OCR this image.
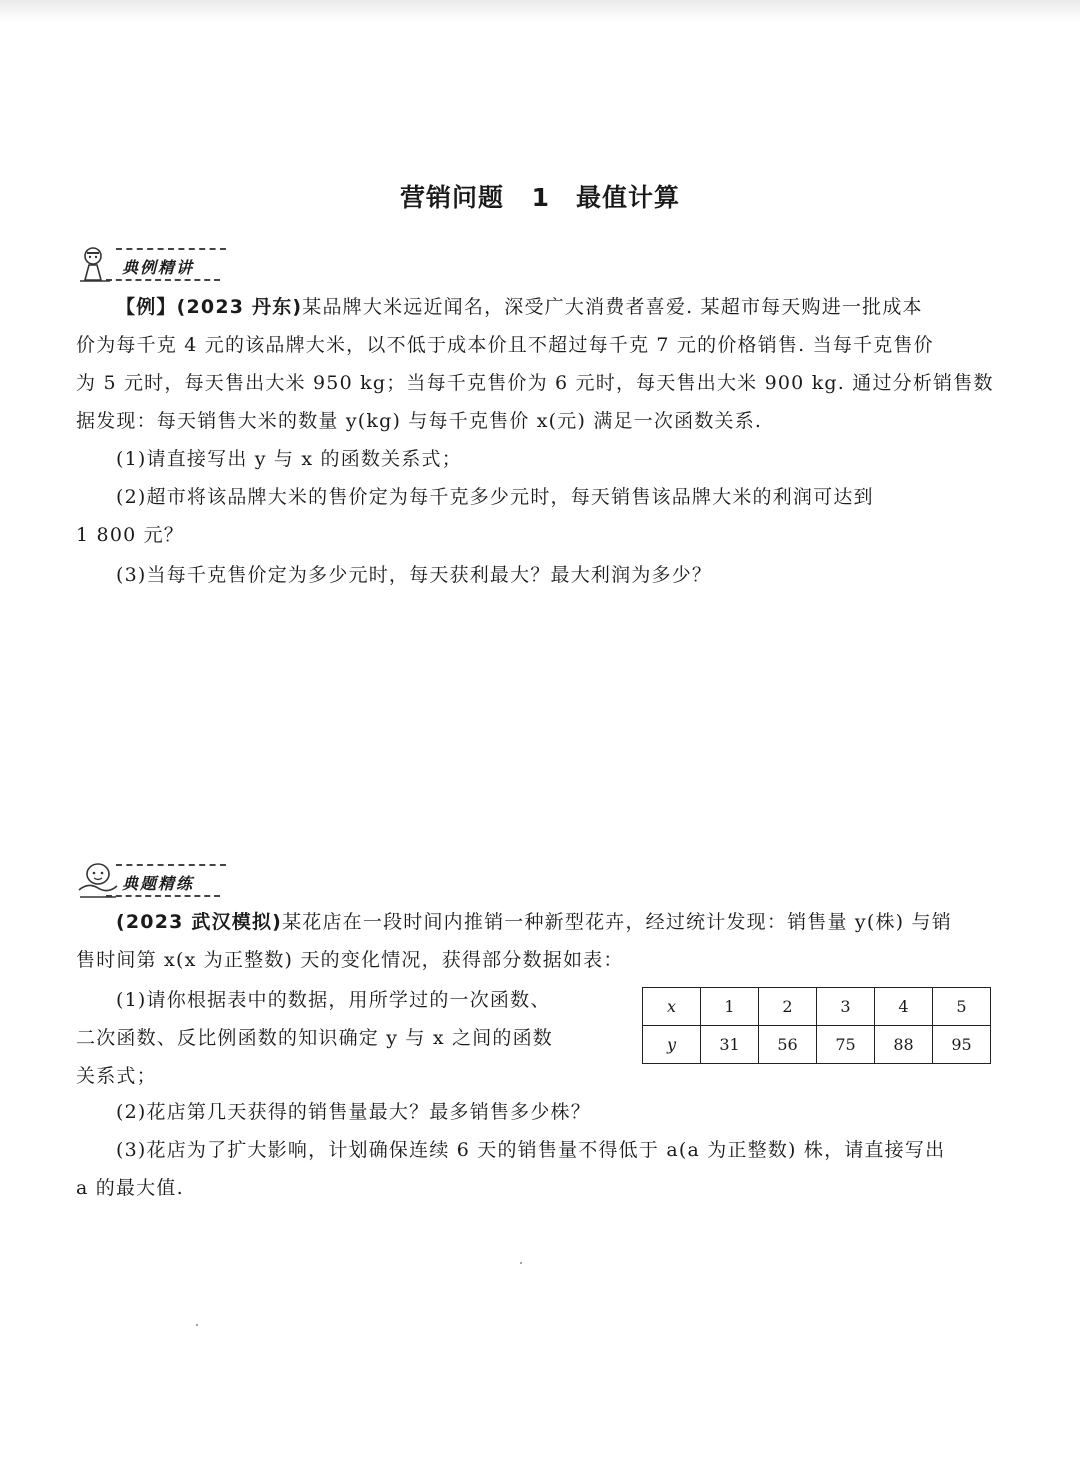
营销问题 1　最值计算
典例精讲
【例】(2023 丹东)某品牌大米远近闻名，深受广大消费者喜爱. 某超市每天购进一批成本
价为每千克 4 元的该品牌大米，以不低于成本价且不超过每千克 7 元的价格销售. 当每千克售价
为 5 元时，每天售出大米 950 kg；当每千克售价为 6 元时，每天售出大米 900 kg. 通过分析销售数
据发现：每天销售大米的数量 y(kg) 与每千克售价 x(元) 满足一次函数关系.
(1)请直接写出 y 与 x 的函数关系式；
(2)超市将该品牌大米的售价定为每千克多少元时，每天销售该品牌大米的利润可达到
1 800 元？
(3)当每千克售价定为多少元时，每天获利最大？最大利润为多少？
典题精练
(2023 武汉模拟)某花店在一段时间内推销一种新型花卉，经过统计发现：销售量 y(株) 与销
售时间第 x(x 为正整数) 天的变化情况，获得部分数据如表：
(1)请你根据表中的数据，用所学过的一次函数、
二次函数、反比例函数的知识确定 y 与 x 之间的函数
关系式；
x	1	2	3	4	5
y	31	56	75	88	95
(2)花店第几天获得的销售量最大？最多销售多少株？
(3)花店为了扩大影响，计划确保连续 6 天的销售量不得低于 a(a 为正整数) 株，请直接写出
a 的最大值.
